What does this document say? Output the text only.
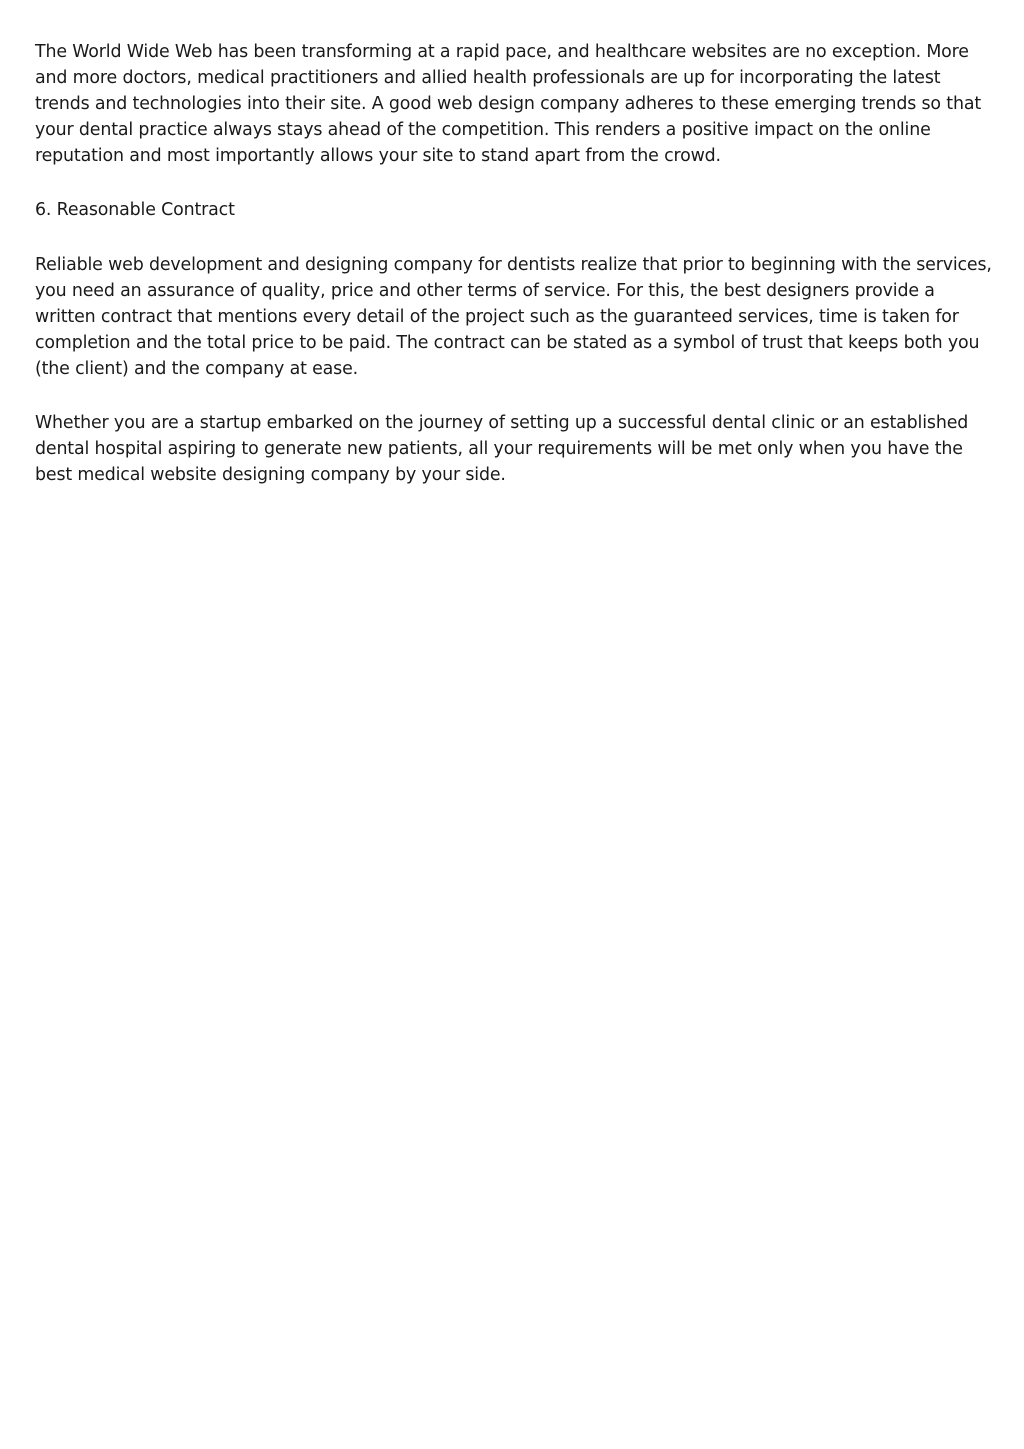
The World Wide Web has been transforming at a rapid pace, and healthcare websites are no exception. More and more doctors, medical practitioners and allied health professionals are up for incorporating the latest trends and technologies into their site. A good web design company adheres to these emerging trends so that your dental practice always stays ahead of the competition. This renders a positive impact on the online reputation and most importantly allows your site to stand apart from the crowd.

6. Reasonable Contract

Reliable web development and designing company for dentists realize that prior to beginning with the services, you need an assurance of quality, price and other terms of service. For this, the best designers provide a written contract that mentions every detail of the project such as the guaranteed services, time is taken for completion and the total price to be paid. The contract can be stated as a symbol of trust that keeps both you (the client) and the company at ease.

Whether you are a startup embarked on the journey of setting up a successful dental clinic or an established dental hospital aspiring to generate new patients, all your requirements will be met only when you have the best medical website designing company by your side.
